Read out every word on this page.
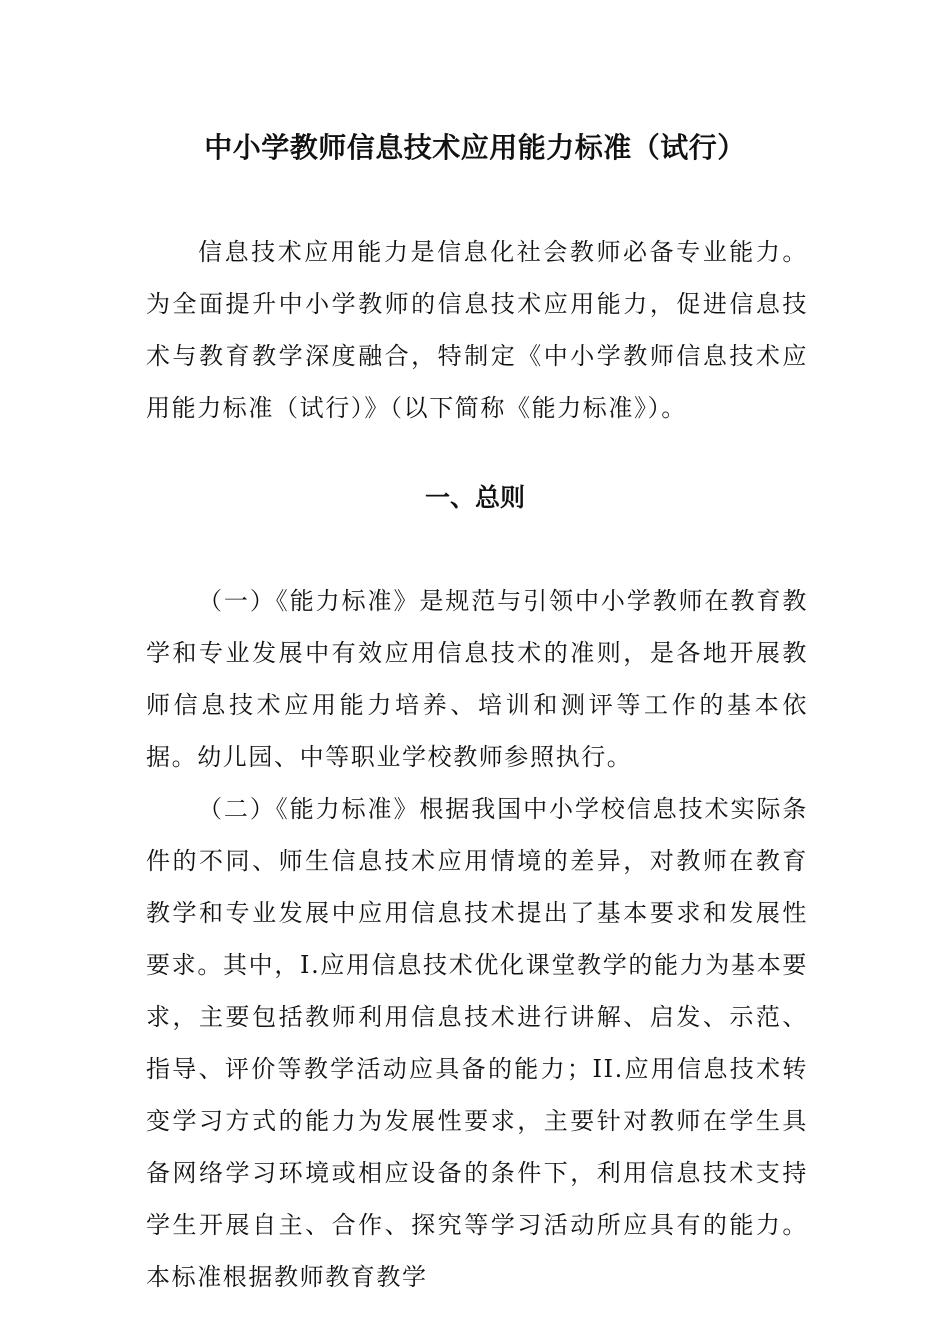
中小学教师信息技术应用能力标准（试行）

信息技术应用能力是信息化社会教师必备专业能力。为全面提升中小学教师的信息技术应用能力，促进信息技术与教育教学深度融合，特制定《中小学教师信息技术应用能力标准（试行）》（以下简称《能力标准》）。

一、总则

（一）《能力标准》是规范与引领中小学教师在教育教学和专业发展中有效应用信息技术的准则，是各地开展教师信息技术应用能力培养、培训和测评等工作的基本依据。幼儿园、中等职业学校教师参照执行。

（二）《能力标准》根据我国中小学校信息技术实际条件的不同、师生信息技术应用情境的差异，对教师在教育教学和专业发展中应用信息技术提出了基本要求和发展性要求。其中，I.应用信息技术优化课堂教学的能力为基本要求，主要包括教师利用信息技术进行讲解、启发、示范、指导、评价等教学活动应具备的能力；II.应用信息技术转变学习方式的能力为发展性要求，主要针对教师在学生具备网络学习环境或相应设备的条件下，利用信息技术支持学生开展自主、合作、探究等学习活动所应具有的能力。本标准根据教师教育教学
